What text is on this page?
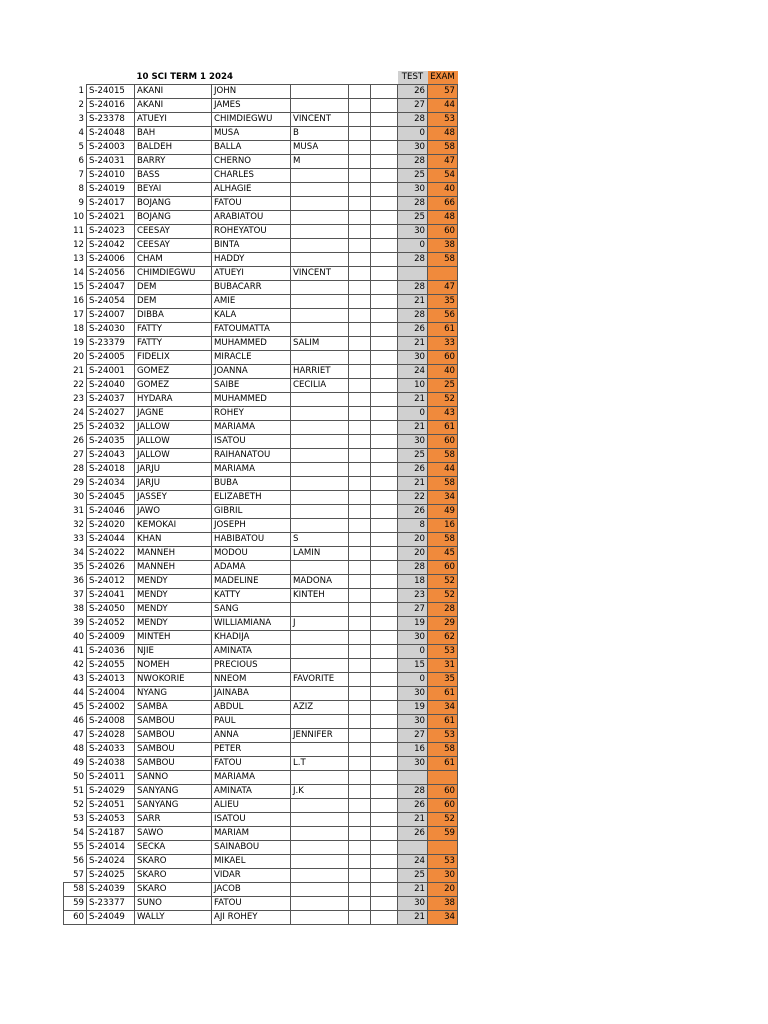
		10 SCI TERM 1 2024					TEST	EXAM
1	S-24015	AKANI	JOHN				26	57
2	S-24016	AKANI	JAMES				27	44
3	S-23378	ATUEYI	CHIMDIEGWU	VINCENT			28	53
4	S-24048	BAH	MUSA	B			0	48
5	S-24003	BALDEH	BALLA	MUSA			30	58
6	S-24031	BARRY	CHERNO	M			28	47
7	S-24010	BASS	CHARLES				25	54
8	S-24019	BEYAI	ALHAGIE				30	40
9	S-24017	BOJANG	FATOU				28	66
10	S-24021	BOJANG	ARABIATOU				25	48
11	S-24023	CEESAY	ROHEYATOU				30	60
12	S-24042	CEESAY	BINTA				0	38
13	S-24006	CHAM	HADDY				28	58
14	S-24056	CHIMDIEGWU	ATUEYI	VINCENT				
15	S-24047	DEM	BUBACARR				28	47
16	S-24054	DEM	AMIE				21	35
17	S-24007	DIBBA	KALA				28	56
18	S-24030	FATTY	FATOUMATTA				26	61
19	S-23379	FATTY	MUHAMMED	SALIM			21	33
20	S-24005	FIDELIX	MIRACLE				30	60
21	S-24001	GOMEZ	JOANNA	HARRIET			24	40
22	S-24040	GOMEZ	SAIBE	CECILIA			10	25
23	S-24037	HYDARA	MUHAMMED				21	52
24	S-24027	JAGNE	ROHEY				0	43
25	S-24032	JALLOW	MARIAMA				21	61
26	S-24035	JALLOW	ISATOU				30	60
27	S-24043	JALLOW	RAIHANATOU				25	58
28	S-24018	JARJU	MARIAMA				26	44
29	S-24034	JARJU	BUBA				21	58
30	S-24045	JASSEY	ELIZABETH				22	34
31	S-24046	JAWO	GIBRIL				26	49
32	S-24020	KEMOKAI	JOSEPH				8	16
33	S-24044	KHAN	HABIBATOU	S			20	58
34	S-24022	MANNEH	MODOU	LAMIN			20	45
35	S-24026	MANNEH	ADAMA				28	60
36	S-24012	MENDY	MADELINE	MADONA			18	52
37	S-24041	MENDY	KATTY	KINTEH			23	52
38	S-24050	MENDY	SANG				27	28
39	S-24052	MENDY	WILLIAMIANA	J			19	29
40	S-24009	MINTEH	KHADIJA				30	62
41	S-24036	NJIE	AMINATA				0	53
42	S-24055	NOMEH	PRECIOUS				15	31
43	S-24013	NWOKORIE	NNEOM	FAVORITE			0	35
44	S-24004	NYANG	JAINABA				30	61
45	S-24002	SAMBA	ABDUL	AZIZ			19	34
46	S-24008	SAMBOU	PAUL				30	61
47	S-24028	SAMBOU	ANNA	JENNIFER			27	53
48	S-24033	SAMBOU	PETER				16	58
49	S-24038	SAMBOU	FATOU	L.T			30	61
50	S-24011	SANNO	MARIAMA					
51	S-24029	SANYANG	AMINATA	J.K			28	60
52	S-24051	SANYANG	ALIEU				26	60
53	S-24053	SARR	ISATOU				21	52
54	S-24187	SAWO	MARIAM				26	59
55	S-24014	SECKA	SAINABOU					
56	S-24024	SKARO	MIKAEL				24	53
57	S-24025	SKARO	VIDAR				25	30
58	S-24039	SKARO	JACOB				21	20
59	S-23377	SUNO	FATOU				30	38
60	S-24049	WALLY	AJI ROHEY				21	34
